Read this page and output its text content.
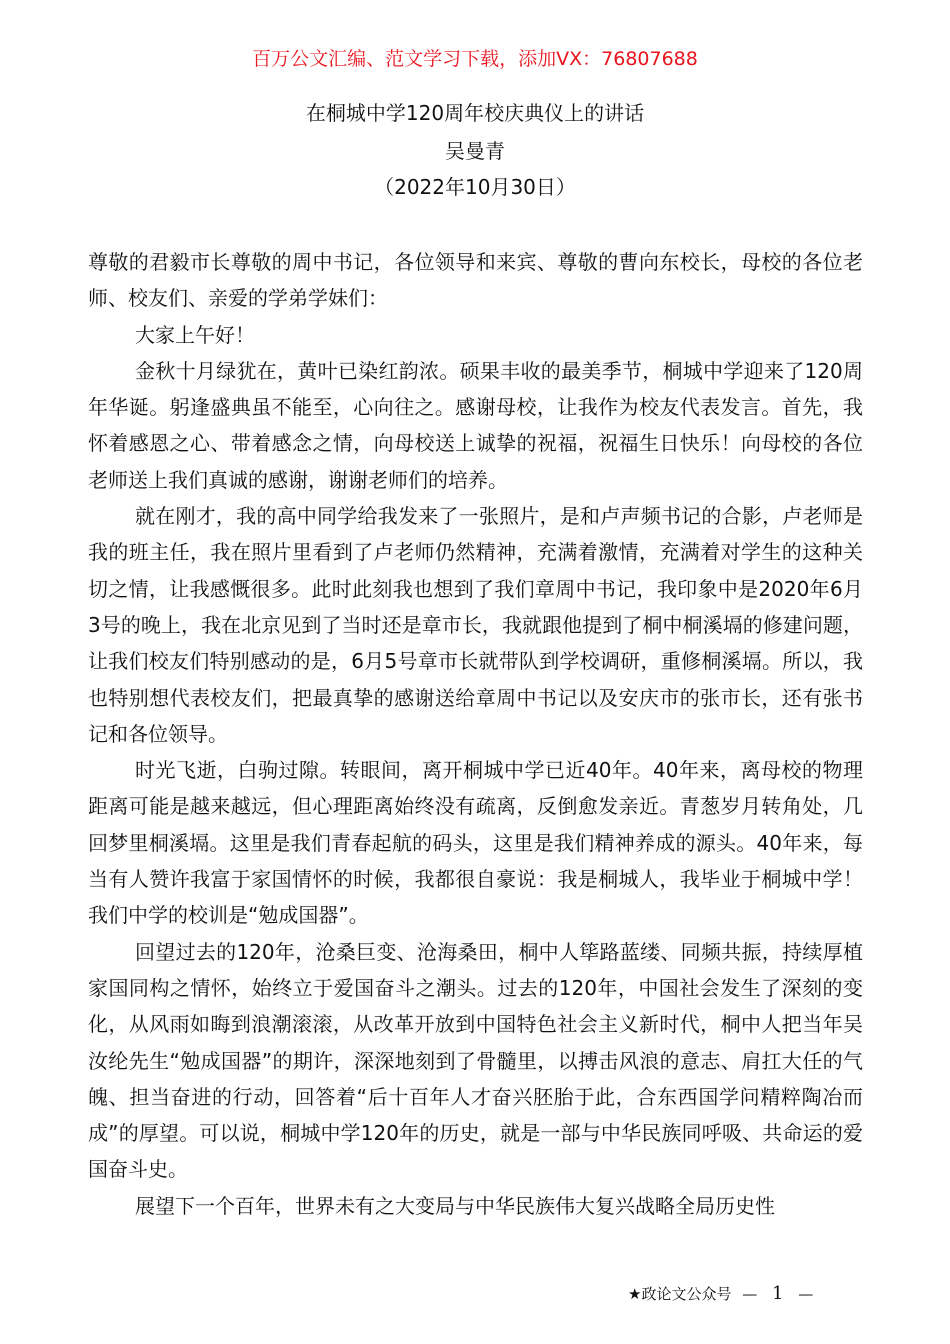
百万公文汇编、范文学习下载，添加VX：76807688
在桐城中学120周年校庆典仪上的讲话
吴曼青
（2022年10月30日）

尊敬的君毅市长尊敬的周中书记，各位领导和来宾、尊敬的曹向东校长，母校的各位老师、校友们、亲爱的学弟学妹们：

大家上午好！

金秋十月绿犹在，黄叶已染红韵浓。硕果丰收的最美季节，桐城中学迎来了120周年华诞。躬逢盛典虽不能至，心向往之。感谢母校，让我作为校友代表发言。首先，我怀着感恩之心、带着感念之情，向母校送上诚挚的祝福，祝福生日快乐！向母校的各位老师送上我们真诚的感谢，谢谢老师们的培养。

就在刚才，我的高中同学给我发来了一张照片，是和卢声频书记的合影，卢老师是我的班主任，我在照片里看到了卢老师仍然精神，充满着激情，充满着对学生的这种关切之情，让我感慨很多。此时此刻我也想到了我们章周中书记，我印象中是2020年6月3号的晚上，我在北京见到了当时还是章市长，我就跟他提到了桐中桐溪塥的修建问题，让我们校友们特别感动的是，6月5号章市长就带队到学校调研，重修桐溪塥。所以，我也特别想代表校友们，把最真挚的感谢送给章周中书记以及安庆市的张市长，还有张书记和各位领导。

时光飞逝，白驹过隙。转眼间，离开桐城中学已近40年。40年来，离母校的物理距离可能是越来越远，但心理距离始终没有疏离，反倒愈发亲近。青葱岁月转角处，几回梦里桐溪塥。这里是我们青春起航的码头，这里是我们精神养成的源头。40年来，每当有人赞许我富于家国情怀的时候，我都很自豪说：我是桐城人，我毕业于桐城中学！我们中学的校训是“勉成国器”。

回望过去的120年，沧桑巨变、沧海桑田，桐中人筚路蓝缕、同频共振，持续厚植家国同构之情怀，始终立于爱国奋斗之潮头。过去的120年，中国社会发生了深刻的变化，从风雨如晦到浪潮滚滚，从改革开放到中国特色社会主义新时代，桐中人把当年吴汝纶先生“勉成国器”的期许，深深地刻到了骨髓里，以搏击风浪的意志、肩扛大任的气魄、担当奋进的行动，回答着“后十百年人才奋兴胚胎于此，合东西国学问精粹陶冶而成”的厚望。可以说，桐城中学120年的历史，就是一部与中华民族同呼吸、共命运的爱国奋斗史。

展望下一个百年，世界未有之大变局与中华民族伟大复兴战略全局历史性

★政论文公众号 — 1 —
